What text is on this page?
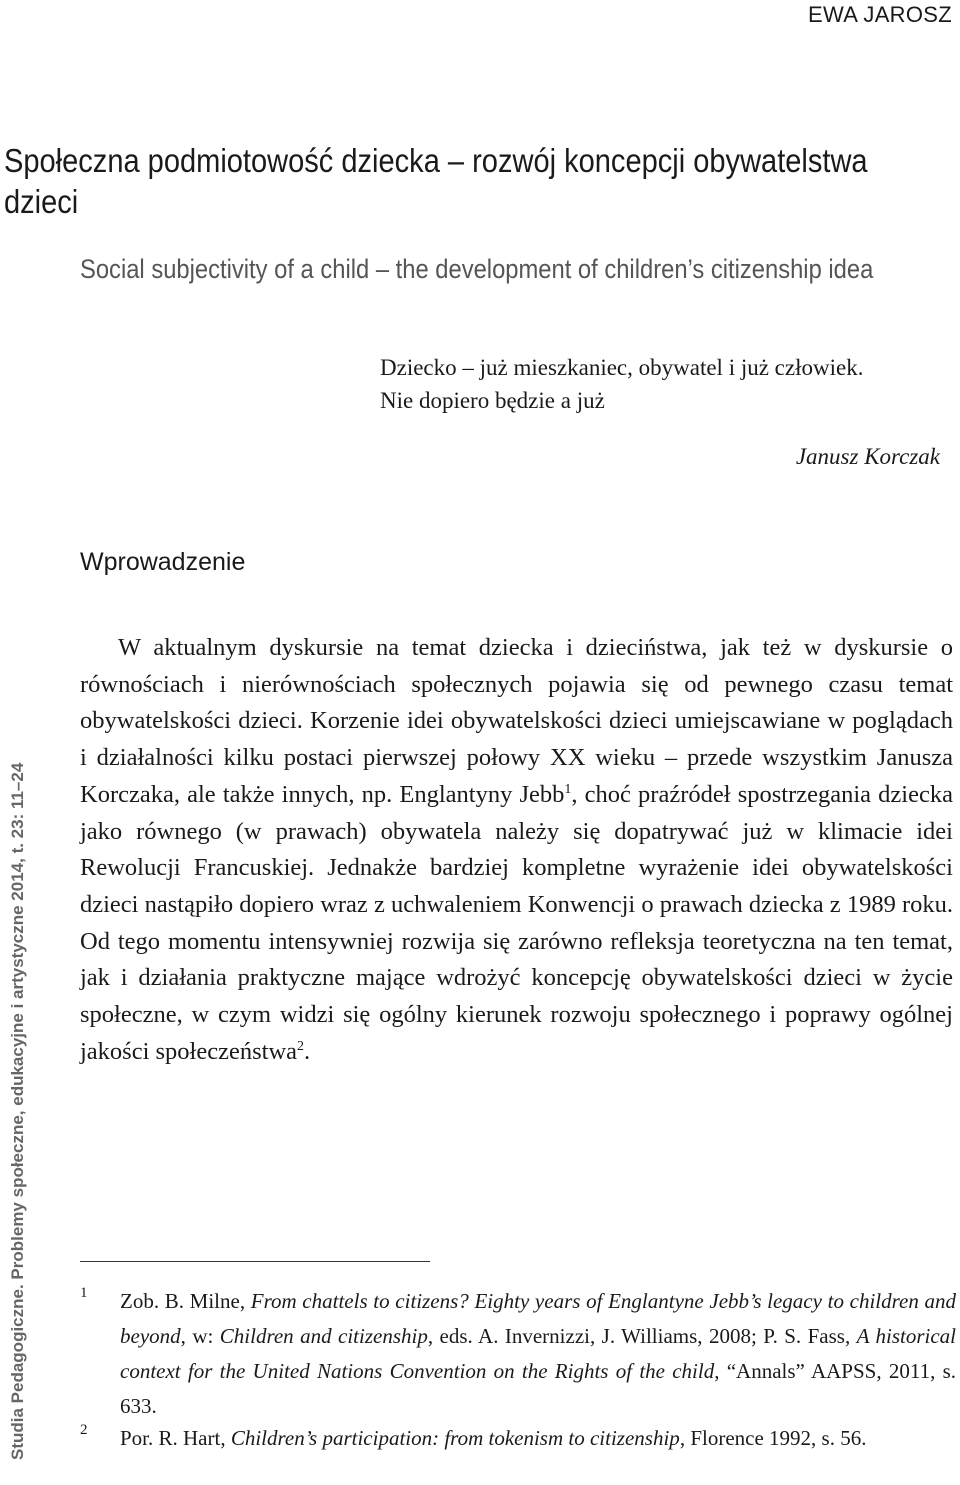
EWA JAROSZ
Społeczna podmiotowość dziecka – rozwój koncepcji obywatelstwa dzieci
Social subjectivity of a child – the development of children’s citizenship idea
Dziecko – już mieszkaniec, obywatel i już człowiek.
Nie dopiero będzie a już
Janusz Korczak
Wprowadzenie

W aktualnym dyskursie na temat dziecka i dzieciństwa, jak też w dyskursie o równościach i nierównościach społecznych pojawia się od pewnego czasu temat obywatelskości dzieci. Korzenie idei obywatelskości dzieci umiejscawiane w poglądach i działalności kilku postaci pierwszej połowy XX wieku – przede wszystkim Janusza Korczaka, ale także innych, np. Englantyny Jebb$^1$, choć praźródeł spostrzegania dziecka jako równego (w prawach) obywatela należy się dopatrywać już w klimacie idei Rewolucji Francuskiej. Jednakże bardziej kompletne wyrażenie idei obywatelskości dzieci nastąpiło dopiero wraz z uchwaleniem Konwencji o prawach dziecka z 1989 roku. Od tego momentu intensywniej rozwija się zarówno refleksja teoretyczna na ten temat, jak i działania praktyczne mające wdrożyć koncepcję obywatelskości dzieci w życie społeczne, w czym widzi się ogólny kierunek rozwoju społecznego i poprawy ogólnej jakości społeczeństwa$^2$.

Studia Pedagogiczne. Problemy społeczne, edukacyjne i artystyczne 2014, t. 23: 11–24	1 Zob. B. Milne, From chattels to citizens? Eighty years of Englantyne Jebb’s legacy to children and beyond, w: Children and citizenship, eds. A. Invernizzi, J. Williams, 2008; P. S. Fass, A historical context for the United Nations Convention on the Rights of the child, “Annals” AAPSS, 2011, s. 633.
2 Por. R. Hart, Children’s participation: from tokenism to citizenship, Florence 1992, s. 56.
